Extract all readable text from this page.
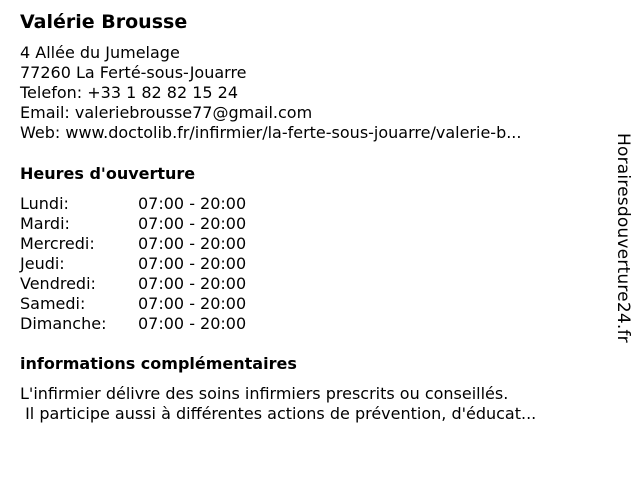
Valérie Brousse
4 Allée du Jumelage
77260 La Ferté-sous-Jouarre
Telefon: +33 1 82 82 15 24
Email: valeriebrousse77@gmail.com
Web: www.doctolib.fr/infirmier/la-ferte-sous-jouarre/valerie-b...
Heures d'ouverture
Lundi:	07:00 - 20:00
Mardi:	07:00 - 20:00
Mercredi:	07:00 - 20:00
Jeudi:	07:00 - 20:00
Vendredi:	07:00 - 20:00
Samedi:	07:00 - 20:00
Dimanche:	07:00 - 20:00
informations complémentaires
L'infirmier délivre des soins infirmiers prescrits ou conseillés.
Il participe aussi à différentes actions de prévention, d'éducat...
Horairesdouverture24.fr
